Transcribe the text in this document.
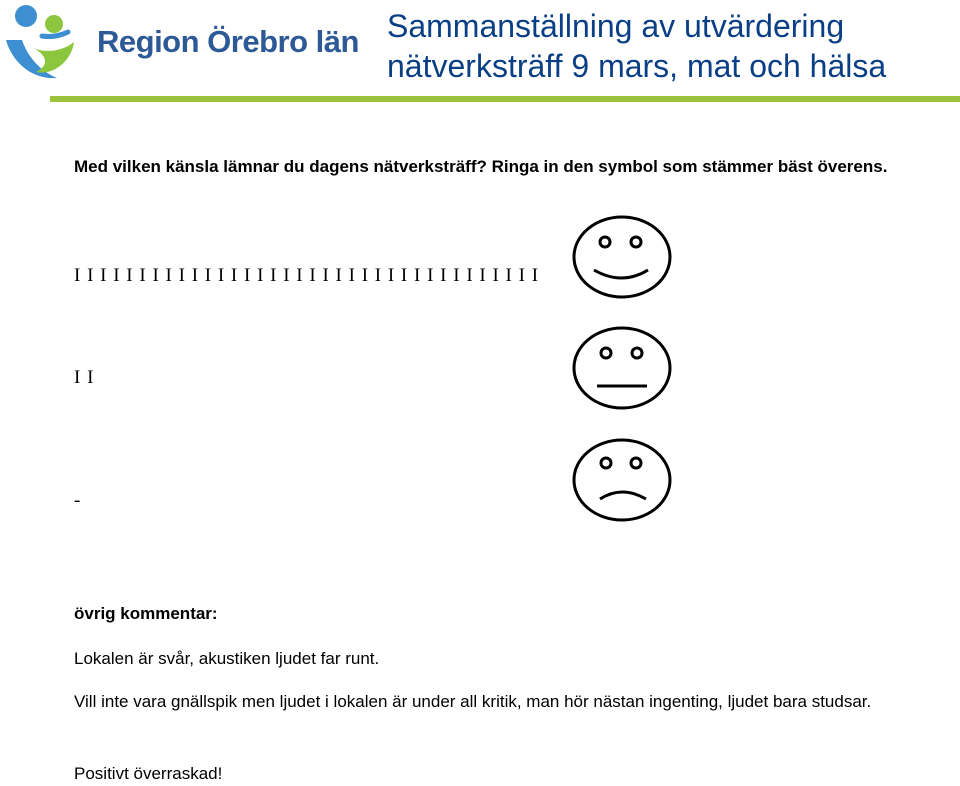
Region Örebro län Sammanställning av utvärdering
nätverksträff 9 mars, mat och hälsa

Med vilken känsla lämnar du dagens nätverksträff? Ringa in den symbol som stämmer bäst överens.

I I I I I I I I I I I I I I I I I I I I I I I I I I I I I I I I I I I I
I I
-

övrig kommentar:

Lokalen är svår, akustiken ljudet far runt.

Vill inte vara gnällspik men ljudet i lokalen är under all kritik, man hör nästan ingenting, ljudet bara studsar.

Positivt överraskad!
